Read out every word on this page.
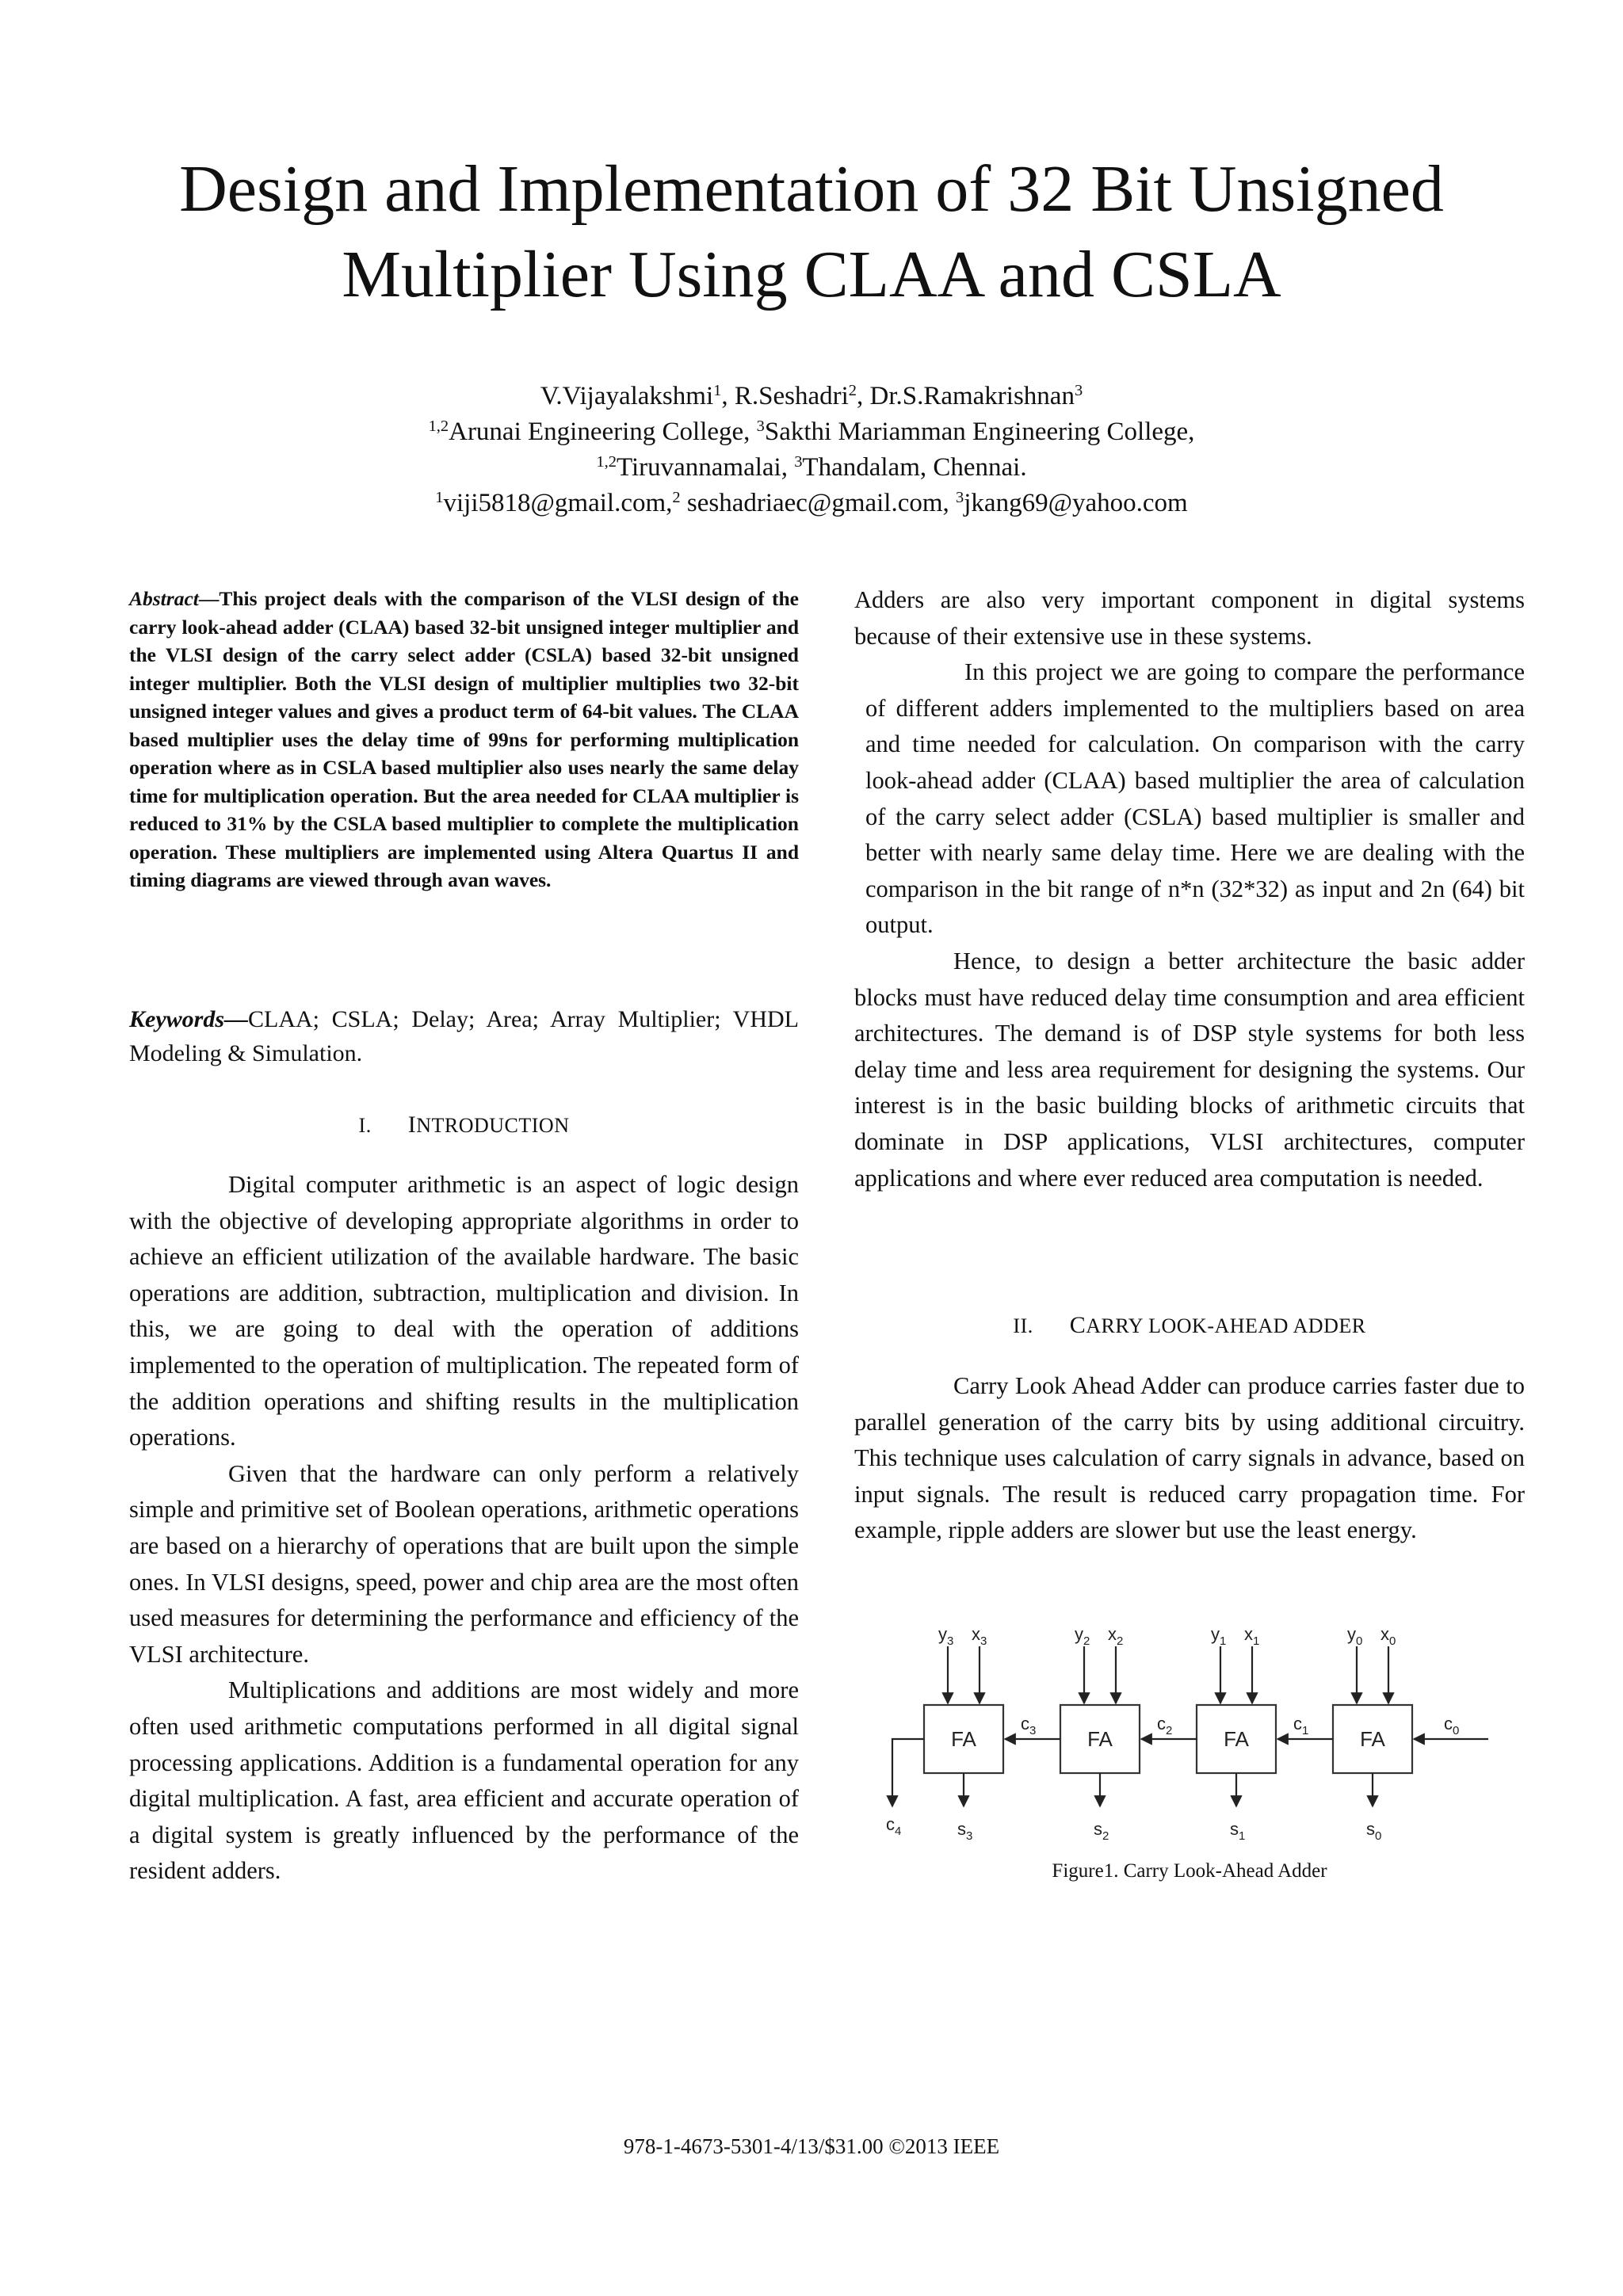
Design and Implementation of 32 Bit Unsigned
Multiplier Using CLAA and CSLA
V.Vijayalakshmi$^1$, R.Seshadri$^2$, Dr.S.Ramakrishnan$^3$
$^{1,2}$Arunai Engineering College, $^3$Sakthi Mariamman Engineering College,
$^{1,2}$Tiruvannamalai, $^3$Thandalam, Chennai.
$^1$viji5818@gmail.com,$^2$ seshadriaec@gmail.com, $^3$jkang69@yahoo.com

Abstract—This project deals with the comparison of the VLSI design of the carry look-ahead adder (CLAA) based 32-bit unsigned integer multiplier and the VLSI design of the carry select adder (CSLA) based 32-bit unsigned integer multiplier. Both the VLSI design of multiplier multiplies two 32-bit unsigned integer values and gives a product term of 64-bit values. The CLAA based multiplier uses the delay time of 99ns for performing multiplication operation where as in CSLA based multiplier also uses nearly the same delay time for multiplication operation. But the area needed for CLAA multiplier is reduced to 31% by the CSLA based multiplier to complete the multiplication operation. These multipliers are implemented using Altera Quartus II and timing diagrams are viewed through avan waves.

Keywords—CLAA; CSLA; Delay; Area; Array Multiplier; VHDL Modeling & Simulation.

I. INTRODUCTION

Digital computer arithmetic is an aspect of logic design with the objective of developing appropriate algorithms in order to achieve an efficient utilization of the available hardware. The basic operations are addition, subtraction, multiplication and division. In this, we are going to deal with the operation of additions implemented to the operation of multiplication. The repeated form of the addition operations and shifting results in the multiplication operations.

Given that the hardware can only perform a relatively simple and primitive set of Boolean operations, arithmetic operations are based on a hierarchy of operations that are built upon the simple ones. In VLSI designs, speed, power and chip area are the most often used measures for determining the performance and efficiency of the VLSI architecture.

Multiplications and additions are most widely and more often used arithmetic computations performed in all digital signal processing applications. Addition is a fundamental operation for any digital multiplication. A fast, area efficient and accurate operation of a digital system is greatly influenced by the performance of the resident adders.

Adders are also very important component in digital systems because of their extensive use in these systems.

In this project we are going to compare the performance of different adders implemented to the multipliers based on area and time needed for calculation. On comparison with the carry look-ahead adder (CLAA) based multiplier the area of calculation of the carry select adder (CSLA) based multiplier is smaller and better with nearly same delay time. Here we are dealing with the comparison in the bit range of n*n (32*32) as input and 2n (64) bit output.

Hence, to design a better architecture the basic adder blocks must have reduced delay time consumption and area efficient architectures. The demand is of DSP style systems for both less delay time and less area requirement for designing the systems. Our interest is in the basic building blocks of arithmetic circuits that dominate in DSP applications, VLSI architectures, computer applications and where ever reduced area computation is needed.

II. CARRY LOOK-AHEAD ADDER

Carry Look Ahead Adder can produce carries faster due to parallel generation of the carry bits by using additional circuitry. This technique uses calculation of carry signals in advance, based on input signals. The result is reduced carry propagation time. For example, ripple adders are slower but use the least energy.

FA	FA	FA	FA
y3 x3
s3
y2 x2
s2
y1 x1
s1
y0 x0
s0
c3	c2	c1	c0
c4
Figure1. Carry Look-Ahead Adder
978-1-4673-5301-4/13/$31.00 ©2013 IEEE
